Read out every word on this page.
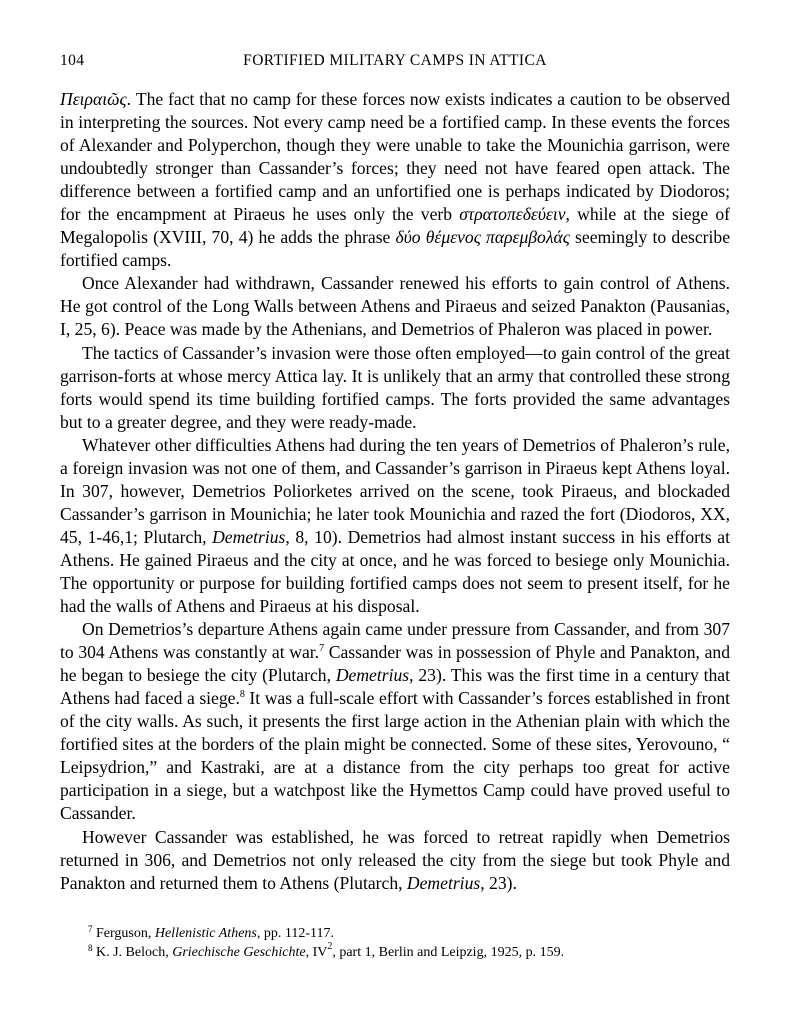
104	FORTIFIED MILITARY CAMPS IN ATTICA

Πειραιῶς. The fact that no camp for these forces now exists indicates a caution to be observed in interpreting the sources. Not every camp need be a fortified camp. In these events the forces of Alexander and Polyperchon, though they were unable to take the Mounichia garrison, were undoubtedly stronger than Cassander’s forces; they need not have feared open attack. The difference between a fortified camp and an unfortified one is perhaps indicated by Diodoros; for the encampment at Piraeus he uses only the verb στρατοπεδεύειν, while at the siege of Megalopolis (XVIII, 70, 4) he adds the phrase δύο θέμενος παρεμβολάς seemingly to describe fortified camps.

Once Alexander had withdrawn, Cassander renewed his efforts to gain control of Athens. He got control of the Long Walls between Athens and Piraeus and seized Panakton (Pausanias, I, 25, 6). Peace was made by the Athenians, and Demetrios of Phaleron was placed in power.

The tactics of Cassander’s invasion were those often employed—to gain control of the great garrison-forts at whose mercy Attica lay. It is unlikely that an army that controlled these strong forts would spend its time building fortified camps. The forts provided the same advantages but to a greater degree, and they were ready-made.

Whatever other difficulties Athens had during the ten years of Demetrios of Phaleron’s rule, a foreign invasion was not one of them, and Cassander’s garrison in Piraeus kept Athens loyal. In 307, however, Demetrios Poliorketes arrived on the scene, took Piraeus, and blockaded Cassander’s garrison in Mounichia; he later took Mounichia and razed the fort (Diodoros, XX, 45, 1-46,1; Plutarch, Demetrius, 8, 10). Demetrios had almost instant success in his efforts at Athens. He gained Piraeus and the city at once, and he was forced to besiege only Mounichia. The opportunity or purpose for building fortified camps does not seem to present itself, for he had the walls of Athens and Piraeus at his disposal.

On Demetrios’s departure Athens again came under pressure from Cassander, and from 307 to 304 Athens was constantly at war.$^7$ Cassander was in possession of Phyle and Panakton, and he began to besiege the city (Plutarch, Demetrius, 23). This was the first time in a century that Athens had faced a siege.$^8$ It was a full-scale effort with Cassander’s forces established in front of the city walls. As such, it presents the first large action in the Athenian plain with which the fortified sites at the borders of the plain might be connected. Some of these sites, Yerovouno, “ Leipsydrion,” and Kastraki, are at a distance from the city perhaps too great for active participation in a siege, but a watchpost like the Hymettos Camp could have proved useful to Cassander.

However Cassander was established, he was forced to retreat rapidly when Demetrios returned in 306, and Demetrios not only released the city from the siege but took Phyle and Panakton and returned them to Athens (Plutarch, Demetrius, 23).

$^7$ Ferguson, Hellenistic Athens, pp. 112-117.

$^8$ K. J. Beloch, Griechische Geschichte, $IV^2$, part 1, Berlin and Leipzig, 1925, p. 159.
